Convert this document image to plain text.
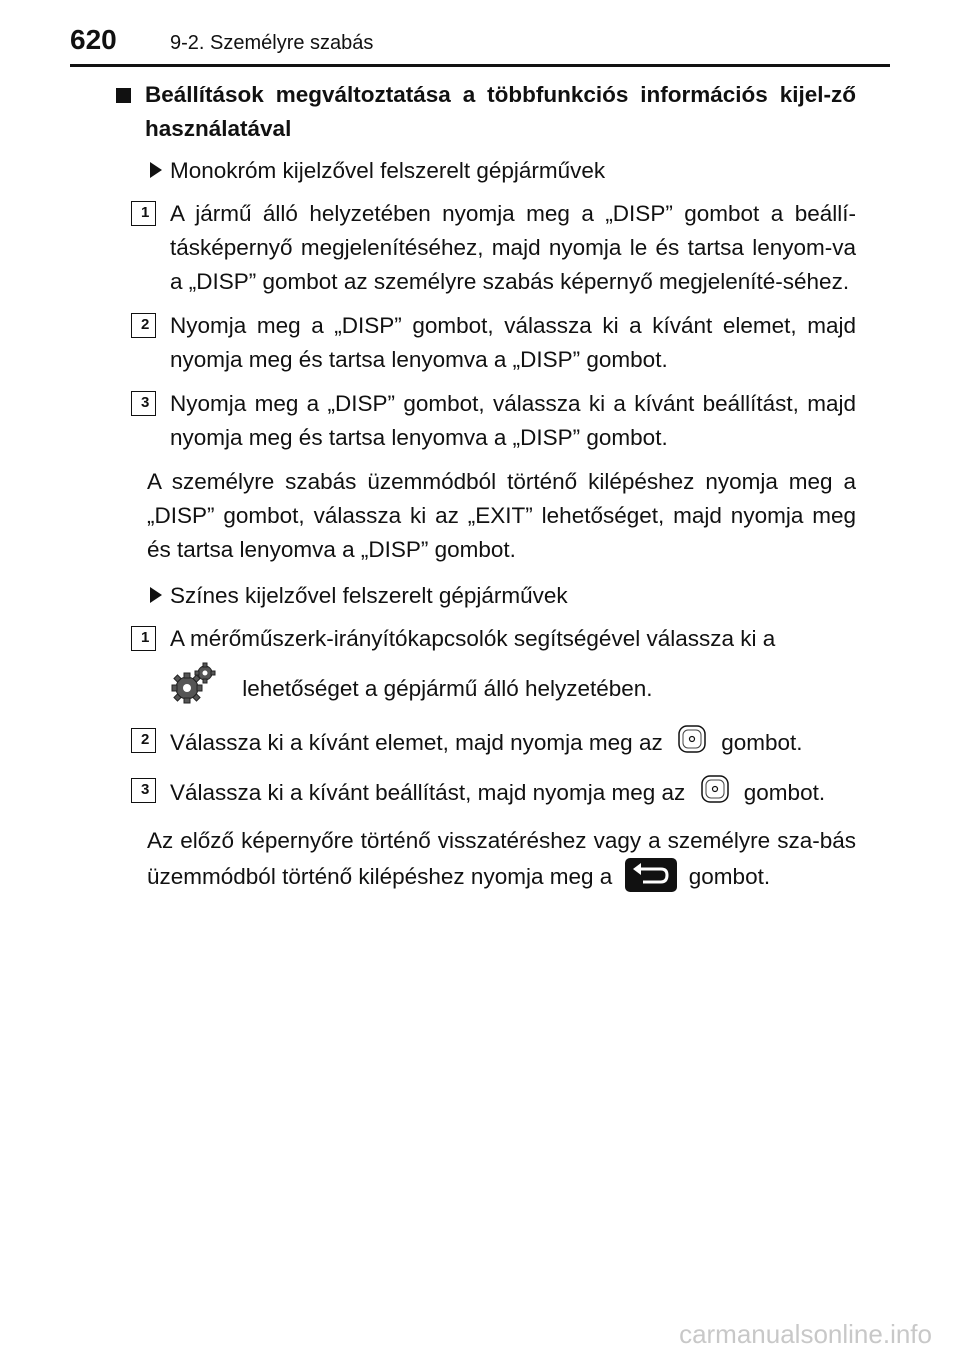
620	9-2. Személyre szabás
Beállítások megváltoztatása a többfunkciós információs kijel-ző használatával
Monokróm kijelzővel felszerelt gépjárművek
1 A jármű álló helyzetében nyomja meg a „DISP” gombot a beállí-tásképernyő megjelenítéséhez, majd nyomja le és tartsa lenyom-va a „DISP” gombot az személyre szabás képernyő megjeleníté-séhez.
2 Nyomja meg a „DISP” gombot, válassza ki a kívánt elemet, majd nyomja meg és tartsa lenyomva a „DISP” gombot.
3 Nyomja meg a „DISP” gombot, válassza ki a kívánt beállítást, majd nyomja meg és tartsa lenyomva a „DISP” gombot.
A személyre szabás üzemmódból történő kilépéshez nyomja meg a „DISP” gombot, válassza ki az „EXIT” lehetőséget, majd nyomja meg és tartsa lenyomva a „DISP” gombot.
Színes kijelzővel felszerelt gépjárművek
1 A mérőműszerk-irányítókapcsolók segítségével válassza ki a
lehetőséget a gépjármű álló helyzetében.
2 Válassza ki a kívánt elemet, majd nyomja meg az	gombot.
3 Válassza ki a kívánt beállítást, majd nyomja meg az	gombot.
Az előző képernyőre történő visszatéréshez vagy a személyre sza-bás üzemmódból történő kilépéshez nyomja meg a	gombot.
carmanualsonline.info
